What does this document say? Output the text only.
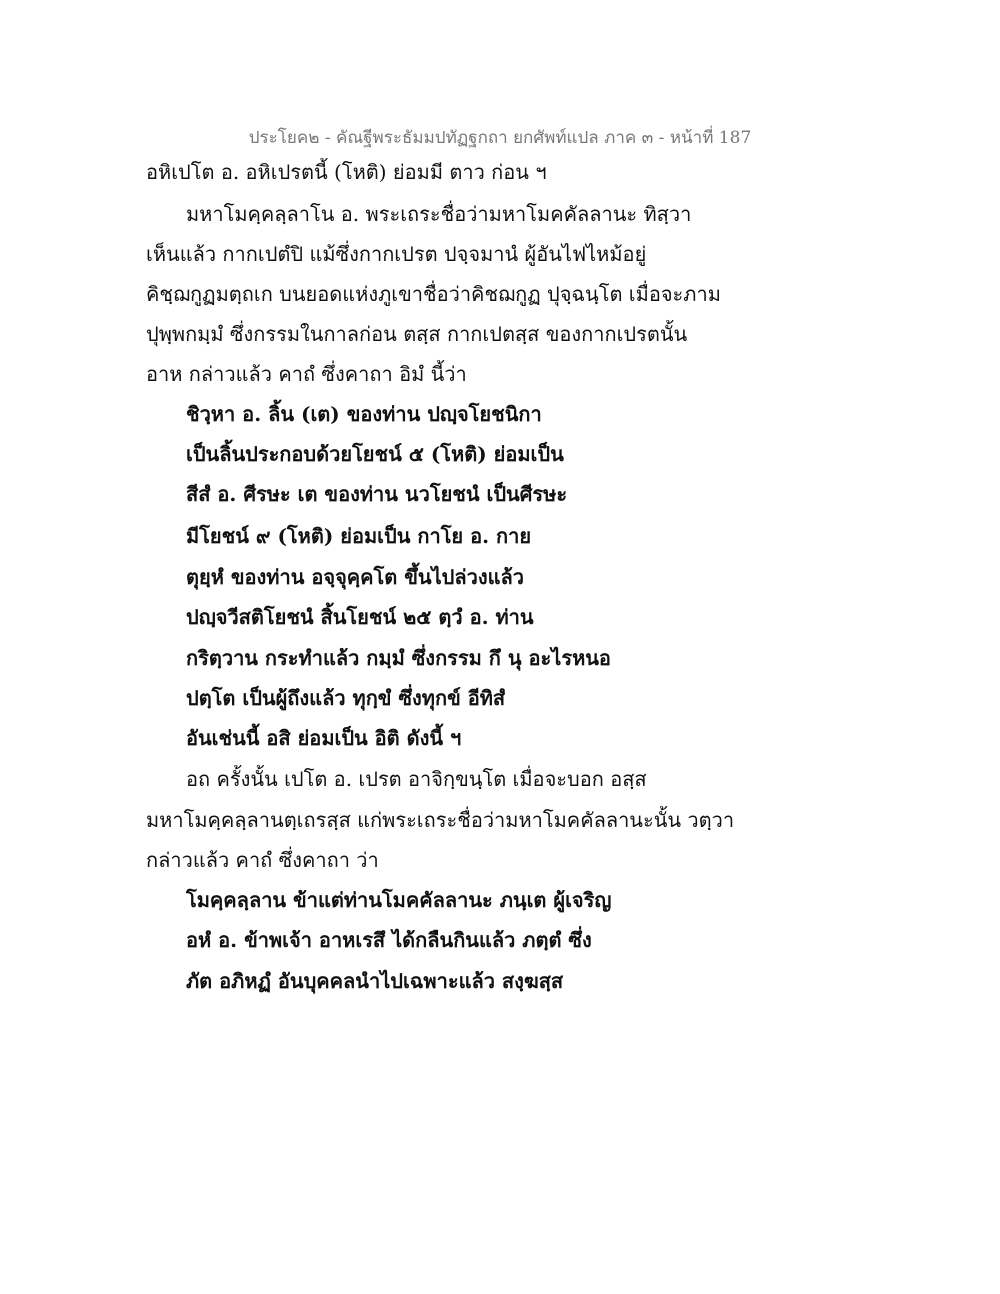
ประโยค๒ - คัณฐีพระธัมมปทัฏฐกถา ยกศัพท์แปล ภาค ๓ - หน้าที่ 187
อหิเปโต อ. อหิเปรตนี้ (โหติ) ย่อมมี ตาว ก่อน ฯ
มหาโมคฺคลฺลาโน อ. พระเถระชื่อว่ามหาโมคคัลลานะ ทิสฺวา
เห็นแล้ว กากเปตํปิ แม้ซึ่งกากเปรต ปจฺจมานํ ผู้อันไฟไหม้อยู่
คิชฺฌกูฏมตฺถเก บนยอดแห่งภูเขาชื่อว่าคิชฌกูฏ ปุจฺฉนฺโต เมื่อจะภาม
ปุพฺพกมฺมํ ซึ่งกรรมในกาลก่อน ตสฺส กากเปตสฺส ของกากเปรตนั้น
อาห กล่าวแล้ว คาถํ ซึ่งคาถา อิมํ นี้ว่า
ชิวฺหา อ. ลิ้น (เต) ของท่าน ปญฺจโยชนิกา
เป็นลิ้นประกอบด้วยโยชน์ ๕ (โหติ) ย่อมเป็น
สีสํ อ. ศีรษะ เต ของท่าน นวโยชนํ เป็นศีรษะ
มีโยชน์ ๙ (โหติ) ย่อมเป็น กาโย อ. กาย
ตุยฺหํ ของท่าน อจฺจุคฺคโต ขึ้นไปล่วงแล้ว
ปญฺจวีสติโยชนํ สิ้นโยชน์ ๒๕ ตฺวํ อ. ท่าน
กริตฺวาน กระทำแล้ว กมฺมํ ซึ่งกรรม กึ นุ อะไรหนอ
ปตฺโต เป็นผู้ถึงแล้ว ทุกฺขํ ซึ่งทุกข์ อีทิสํ
อันเช่นนี้ อสิ ย่อมเป็น อิติ ดังนี้ ฯ
อถ ครั้งนั้น เปโต อ. เปรต อาจิกฺขนฺโต เมื่อจะบอก อสฺส
มหาโมคฺคลฺลานตฺเถรสฺส แก่พระเถระชื่อว่ามหาโมคคัลลานะนั้น วตฺวา
กล่าวแล้ว คาถํ ซึ่งคาถา ว่า
โมคฺคลฺลาน ข้าแต่ท่านโมคคัลลานะ ภนฺเต ผู้เจริญ
อหํ อ. ข้าพเจ้า อาหเรสึ ได้กลืนกินแล้ว ภตฺตํ ซึ่ง
ภัต อภิหฏํ อันบุคคลนำไปเฉพาะแล้ว สงฺฆสฺส
